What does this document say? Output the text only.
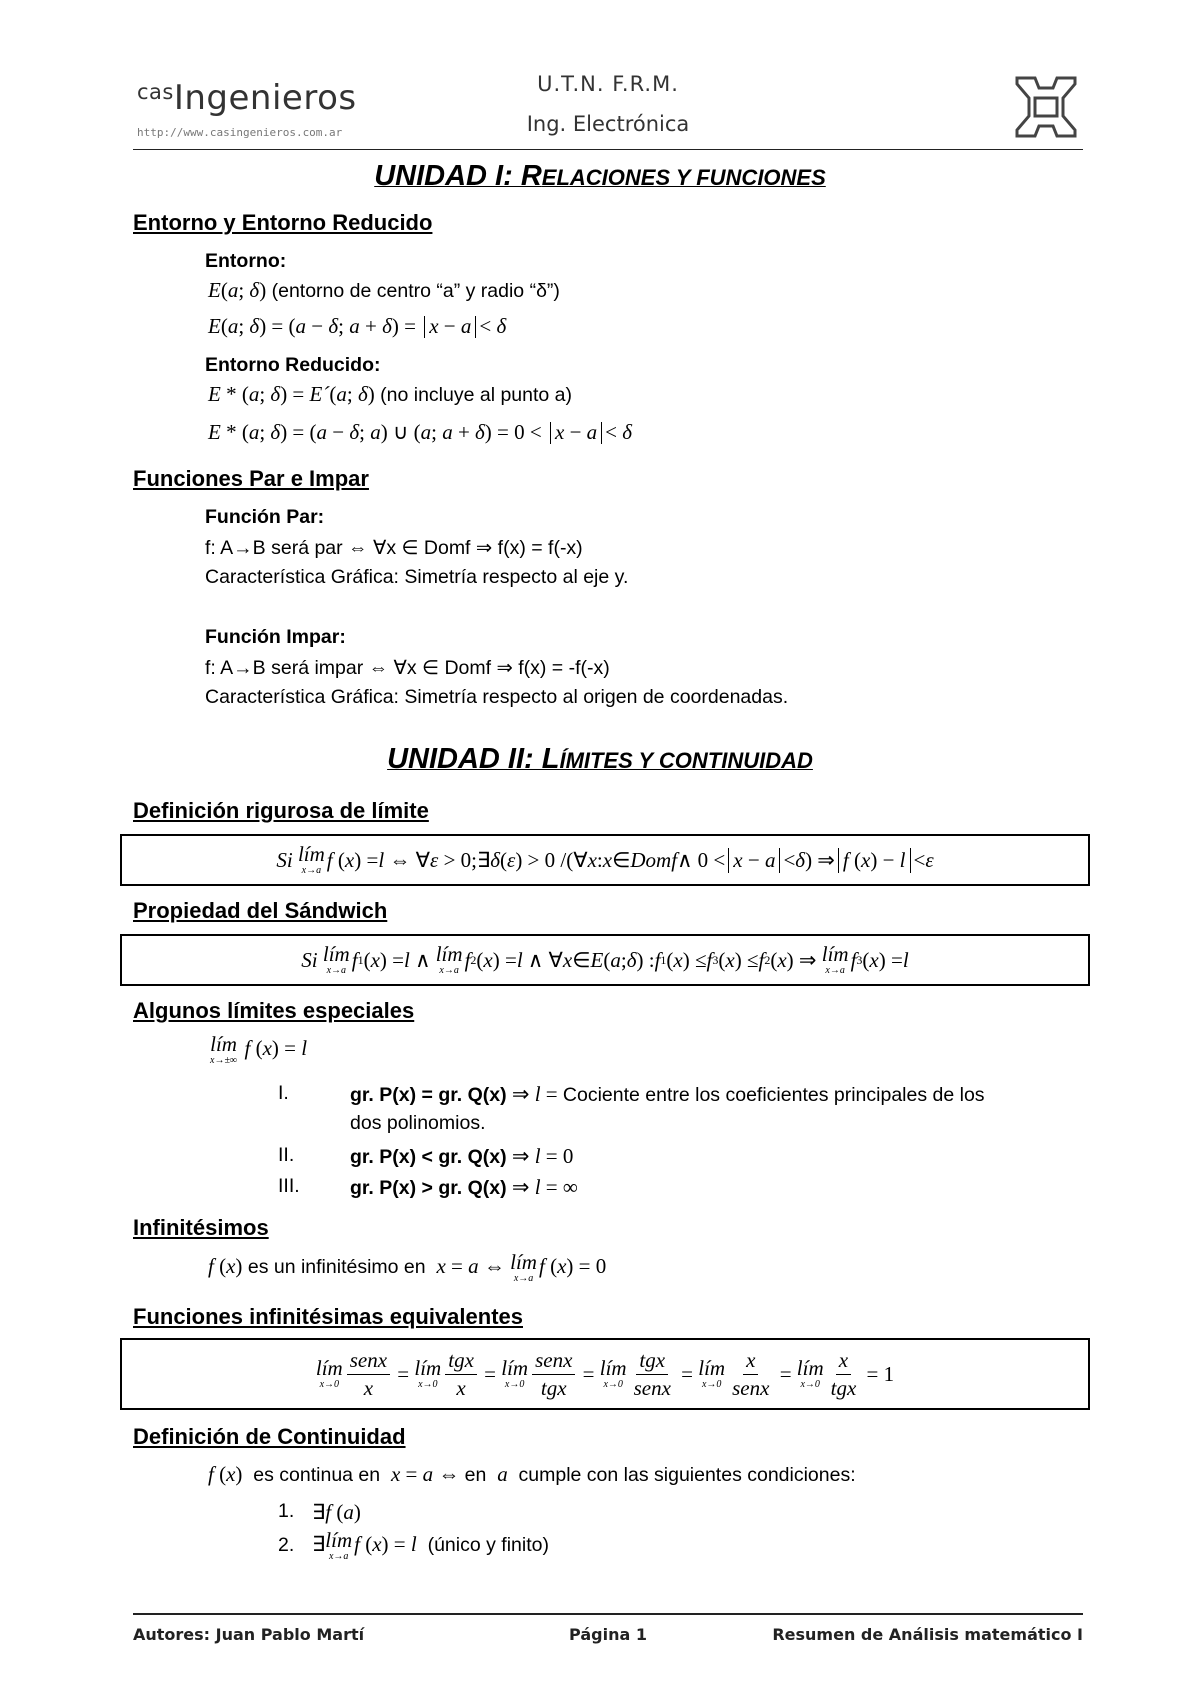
casIngenieros
http://www.casingenieros.com.ar
U.T.N. F.R.M.
Ing. Electrónica
UNIDAD I: RELACIONES Y FUNCIONES
Entorno y Entorno Reducido
Entorno:
E(a; δ) (entorno de centro “a” y radio “δ”)
E(a; δ) = (a − δ; a + δ) = x − a < δ
Entorno Reducido:
E * (a; δ) = E´(a; δ) (no incluye al punto a)
E * (a; δ) = (a − δ; a) ∪ (a; a + δ) = 0 < x − a < δ
Funciones Par e Impar
Función Par:
f: A→B será par ⇔ ∀x ∈ Domf ⇒ f(x) = f(-x)
Característica Gráfica: Simetría respecto al eje y.
Función Impar:
f: A→B será impar ⇔ ∀x ∈ Domf ⇒ f(x) = -f(-x)
Característica Gráfica: Simetría respecto al origen de coordenadas.
UNIDAD II: LÍMITES Y CONTINUIDAD
Definición rigurosa de límite
Si
lím
x→a f ( x ) = l ⇔ ∀ ε > 0;∃ δ ( ε ) > 0 /(∀ x : x ∈ Domf ∧ 0 < x − a < δ ) ⇒ f (x) − l < ε
Propiedad del Sándwich
Si
lím
x→a f 1 ( x ) = l ∧ lím
x→a f 2 ( x ) = l ∧ ∀ x ∈ E ( a ; δ ) : f 1 ( x ) ≤ f 3 ( x ) ≤ f 2 ( x ) ⇒ lím
x→a f 3 ( x ) = l
Algunos límites especiales
lím
x→±∞
f (x) = l
I.	gr. P(x) = gr. Q(x) ⇒ l = Cociente entre los coeficientes principales de los
dos polinomios.
II.	gr. P(x) < gr. Q(x) ⇒ l = 0
III.	gr. P(x) > gr. Q(x) ⇒ l = ∞
Infinitésimos
f (x) es un infinitésimo en x = a ⇔ lím
x→a
f (x) = 0
Funciones infinitésimas equivalentes
lím
$x\to 0 \frac{\text{senx}}{x}$ = lím
$x\to 0 \frac{\text{tgx}}{x}$ = lím
$x\to 0 \frac{\text{senx}}{\text{tgx}}$ = lím
$x\to 0 \frac{\text{tgx}}{\text{senx}}$ = lím
$x\to 0 \frac{x}{\text{senx}}$ = lím
$x\to 0 \frac{x}{\text{tgx}} = 1$
Definición de Continuidad
f (x) es continua en x = a ⇔ en a cumple con las siguientes condiciones:
1. ∃f (a)
2. ∃ lím
x→a
f (x) = l (único y finito)
Autores: Juan Pablo Martí	Página 1	Resumen de Análisis matemático I
